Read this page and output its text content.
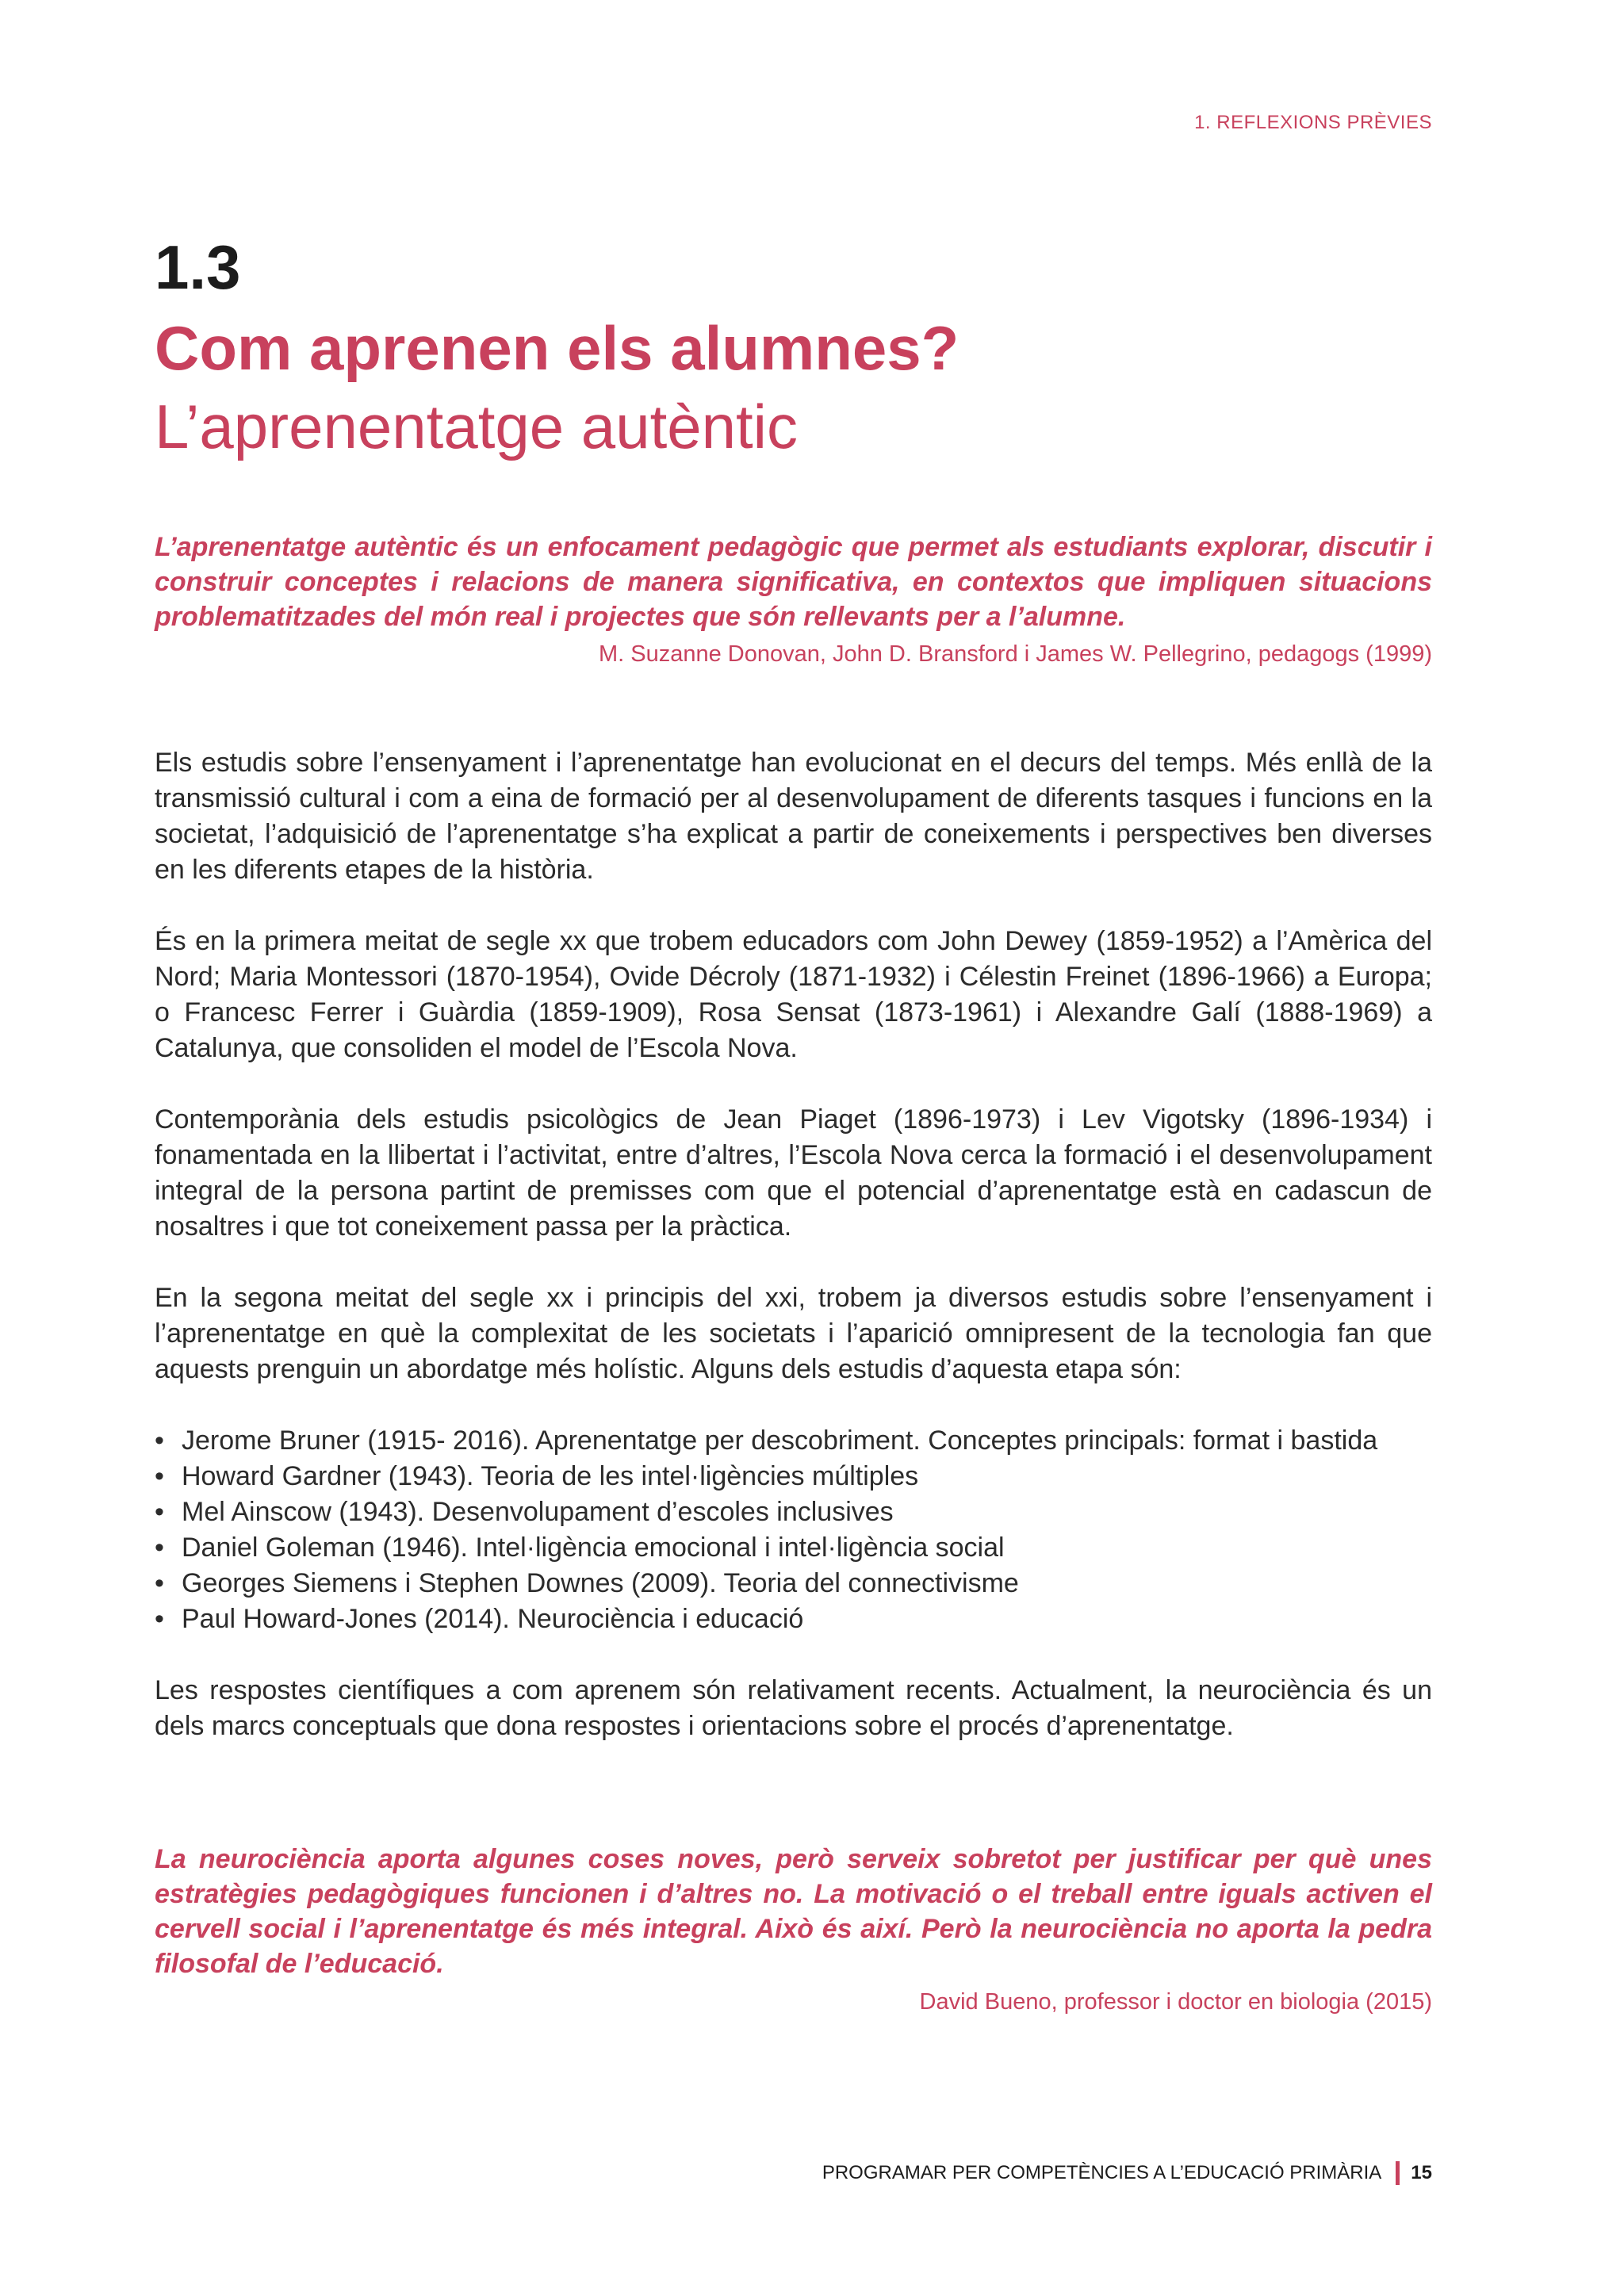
1. REFLEXIONS PRÈVIES
1.3
Com aprenen els alumnes?
L’aprenentatge autèntic
L’aprenentatge autèntic és un enfocament pedagògic que permet als estudiants explorar, discutir i construir conceptes i relacions de manera significativa, en contextos que impliquen situacions problematitzades del món real i projectes que són rellevants per a l’alumne.
M. Suzanne Donovan, John D. Bransford i James W. Pellegrino, pedagogs (1999)

Els estudis sobre l’ensenyament i l’aprenentatge han evolucionat en el decurs del temps. Més enllà de la transmissió cultural i com a eina de formació per al desenvolupament de diferents tasques i funcions en la societat, l’adquisició de l’aprenentatge s’ha explicat a partir de coneixements i perspectives ben diverses en les diferents etapes de la història.

És en la primera meitat de segle xx que trobem educadors com John Dewey (1859-1952) a l’Amèrica del Nord; Maria Montessori (1870-1954), Ovide Décroly (1871-1932) i Célestin Freinet (1896-1966) a Europa; o Francesc Ferrer i Guàrdia (1859-1909), Rosa Sensat (1873-1961) i Alexandre Galí (1888-1969) a Catalunya, que consoliden el model de l’Escola Nova.

Contemporània dels estudis psicològics de Jean Piaget (1896-1973) i Lev Vigotsky (1896-1934) i fonamentada en la llibertat i l’activitat, entre d’altres, l’Escola Nova cerca la formació i el desenvolupament integral de la persona partint de premisses com que el potencial d’aprenentatge està en cadascun de nosaltres i que tot coneixement passa per la pràctica.

En la segona meitat del segle xx i principis del xxi, trobem ja diversos estudis sobre l’ensenyament i l’aprenentatge en què la complexitat de les societats i l’aparició omnipresent de la tecnologia fan que aquests prenguin un abordatge més holístic. Alguns dels estudis d’aquesta etapa són:

• Jerome Bruner (1915- 2016). Aprenentatge per descobriment. Conceptes principals: format i bastida
• Howard Gardner (1943). Teoria de les intel·ligències múltiples
• Mel Ainscow (1943). Desenvolupament d’escoles inclusives
• Daniel Goleman (1946). Intel·ligència emocional i intel·ligència social
• Georges Siemens i Stephen Downes (2009). Teoria del connectivisme
• Paul Howard-Jones (2014). Neurociència i educació

Les respostes científiques a com aprenem són relativament recents. Actualment, la neurociència és un dels marcs conceptuals que dona respostes i orientacions sobre el procés d’aprenentatge.

La neurociència aporta algunes coses noves, però serveix sobretot per justificar per què unes estratègies pedagògiques funcionen i d’altres no. La motivació o el treball entre iguals activen el cervell social i l’aprenentatge és més integral. Això és així. Però la neurociència no aporta la pedra filosofal de l’educació.
David Bueno, professor i doctor en biologia (2015)
PROGRAMAR PER COMPETÈNCIES A L’EDUCACIÓ PRIMÀRIA 15
